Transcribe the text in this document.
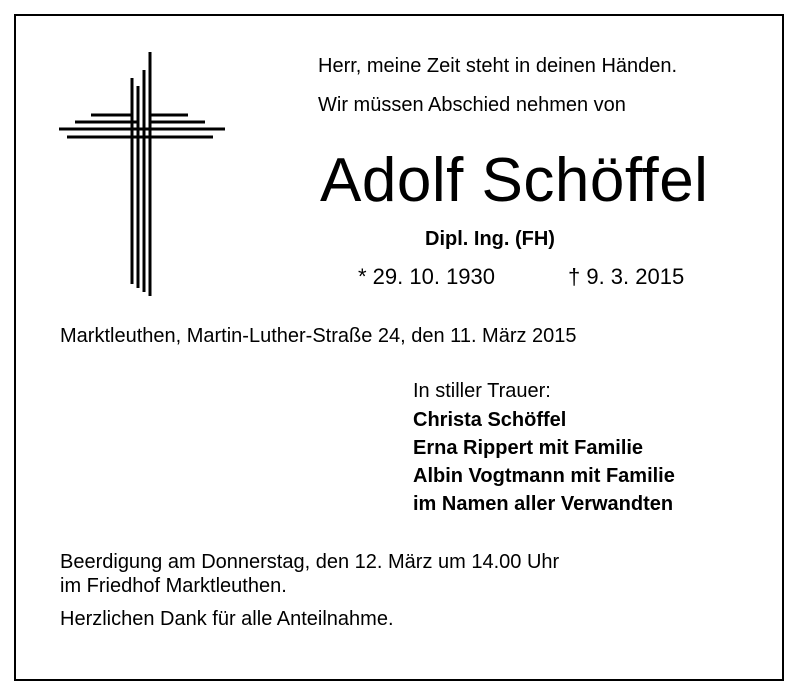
Herr, meine Zeit steht in deinen Händen.
Wir müssen Abschied nehmen von
Adolf Schöffel
Dipl. Ing. (FH)
* 29. 10. 1930	† 9. 3. 2015
Marktleuthen, Martin-Luther-Straße 24, den 11. März 2015
In stiller Trauer:
Christa Schöffel
Erna Rippert mit Familie
Albin Vogtmann mit Familie
im Namen aller Verwandten
Beerdigung am Donnerstag, den 12. März um 14.00 Uhr
im Friedhof Marktleuthen.
Herzlichen Dank für alle Anteilnahme.
